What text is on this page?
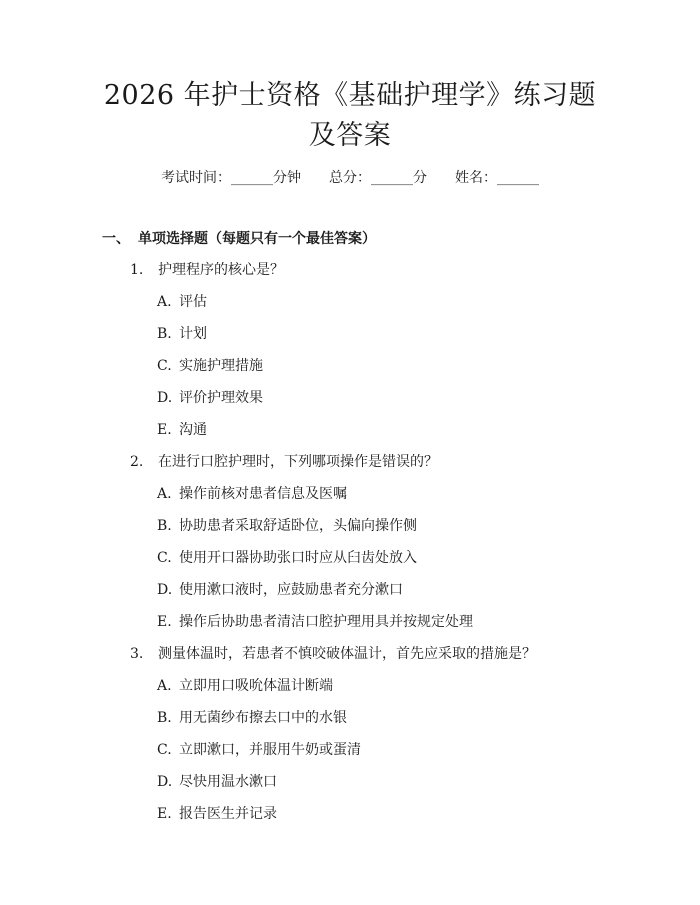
2026 年护士资格《基础护理学》练习题及答案
考试时间：______分钟 总分：______分 姓名：______
一、 单项选择题（每题只有一个最佳答案）
1. 护理程序的核心是？
A. 评估
B. 计划
C. 实施护理措施
D. 评价护理效果
E. 沟通
2. 在进行口腔护理时，下列哪项操作是错误的？
A. 操作前核对患者信息及医嘱
B. 协助患者采取舒适卧位，头偏向操作侧
C. 使用开口器协助张口时应从臼齿处放入
D. 使用漱口液时，应鼓励患者充分漱口
E. 操作后协助患者清洁口腔护理用具并按规定处理
3. 测量体温时，若患者不慎咬破体温计，首先应采取的措施是？
A. 立即用口吸吮体温计断端
B. 用无菌纱布擦去口中的水银
C. 立即漱口，并服用牛奶或蛋清
D. 尽快用温水漱口
E. 报告医生并记录
